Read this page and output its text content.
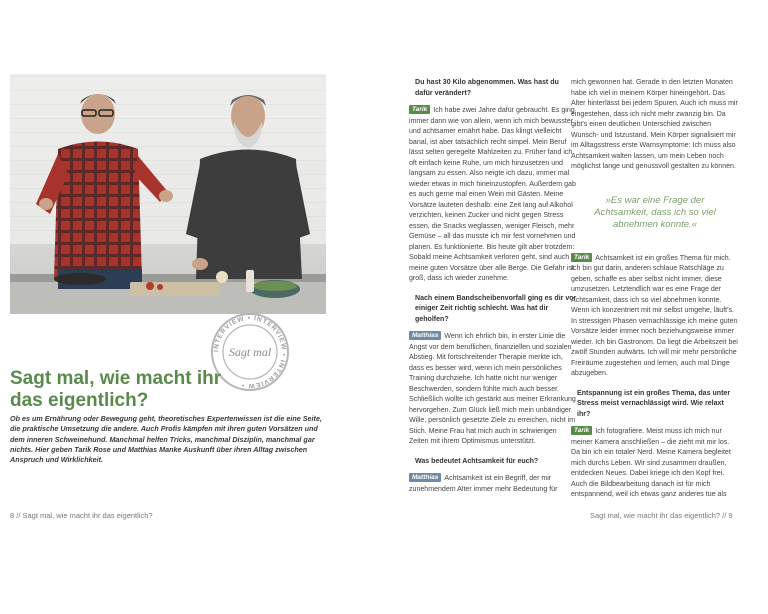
INTERVIEW • INTERVIEW • INTERVIEW •
Sagt mal
Sagt mal, wie macht ihr das eigentlich?

Ob es um Ernährung oder Bewegung geht, theoretisches Expertenwissen ist die eine Seite, die praktische Umsetzung die andere. Auch Profis kämpfen mit ihren guten Vorsätzen und dem inneren Schweinehund. Manchmal helfen Tricks, manchmal Disziplin, manchmal gar nichts. Hier geben Tarik Rose und Matthias Manke Auskunft über ihren Alltag zwischen Anspruch und Wirklichkeit.

8 // Sagt mal, wie macht ihr das eigentlich?

Du hast 30 Kilo abgenommen. Was hast du dafür verändert?

Tarik Ich habe zwei Jahre dafür gebraucht. Es ging immer dann wie von allein, wenn ich mich bewusster und achtsamer ernährt habe. Das klingt vielleicht banal, ist aber tatsächlich recht simpel. Mein Beruf lässt selten geregelte Mahlzeiten zu. Früher fand ich oft einfach keine Ruhe, um mich hinzusetzen und langsam zu essen. Also neigte ich dazu, immer mal wieder etwas in mich hineinzustopfen. Außerdem gab es auch gerne mal einen Wein mit Gästen. Meine Vorsätze lauteten deshalb: eine Zeit lang auf Alkohol verzichten, keinen Zucker und nicht gegen Stress essen, die Snacks weglassen, weniger Fleisch, mehr Gemüse – all das musste ich mir fest vornehmen und planen. Es funktionierte. Bis heute gilt aber trotzdem: Sobald meine Achtsamkeit verloren geht, sind auch meine guten Vorsätze über alle Berge. Die Gefahr ist groß, dass ich wieder zunehme.

Nach einem Bandscheibenvorfall ging es dir vor einiger Zeit richtig schlecht. Was hat dir geholfen?

Matthias Wenn ich ehrlich bin, in erster Linie die Angst vor dem beruflichen, finanziellen und sozialen Abstieg. Mit fortschreitender Therapie merkte ich, dass es besser wird, wenn ich mein persönliches Training durchziehe. Ich hatte nicht nur weniger Beschwerden, sondern fühlte mich auch besser. Schließlich wollte ich gestärkt aus meiner Erkrankung hervorgehen. Zum Glück ließ mich mein unbändiger Wille, persönlich gesetzte Ziele zu erreichen, nicht im Stich. Meine Frau hat mich auch in schwierigen Zeiten mit ihrem Optimismus unterstützt.

Was bedeutet Achtsamkeit für euch?

Matthias Achtsamkeit ist ein Begriff, der mir zunehmendem Alter immer mehr Bedeutung für

mich gewonnen hat. Gerade in den letzten Monaten habe ich viel in meinem Körper hineingehört. Das Alter hinterlässt bei jedem Spuren. Auch ich muss mir eingestehen, dass ich nicht mehr zwanzig bin. Da gibt's einen deutlichen Unterschied zwischen Wunsch- und Istzustand. Mein Körper signalisiert mir im Alltagsstress erste Warnsymptome: Ich muss also Achtsamkeit walten lassen, um mein Leben noch möglichst lange und genussvoll gestalten zu können.

»Es war eine Frage der Achtsamkeit, dass ich so viel abnehmen konnte.«

Tarik Achtsamkeit ist ein großes Thema für mich. Ich bin gut darin, anderen schlaue Ratschläge zu geben, schaffe es aber selbst nicht immer, diese umzusetzen. Letztendlich war es eine Frage der Achtsamkeit, dass ich so viel abnehmen konnte. Wenn ich konzentriert mit mir selbst umgehe, läuft's. In stressigen Phasen vernachlässige ich meine guten Vorsätze leider immer noch beziehungsweise immer wieder. Ich bin Gastronom. Da liegt die Arbeitszeit bei zwölf Stunden aufwärts. Ich will mir mehr persönliche Freiräume zugestehen und lernen, auch mal Dinge abzugeben.

Entspannung ist ein großes Thema, das unter Stress meist vernachlässigt wird. Wie relaxt ihr?

Tarik Ich fotografiere. Meist muss ich mich nur meiner Kamera anschließen – die zieht mit mir los. Da bin ich ein totaler Nerd. Meine Kamera begleitet mich durchs Leben. Wir sind zusammen draußen, entdecken Neues. Dabei kriege ich den Kopf frei. Auch die Bildbearbeitung danach ist für mich entspannend, weil ich etwas ganz anderes tue als

Sagt mal, wie macht ihr das eigentlich? // 9
